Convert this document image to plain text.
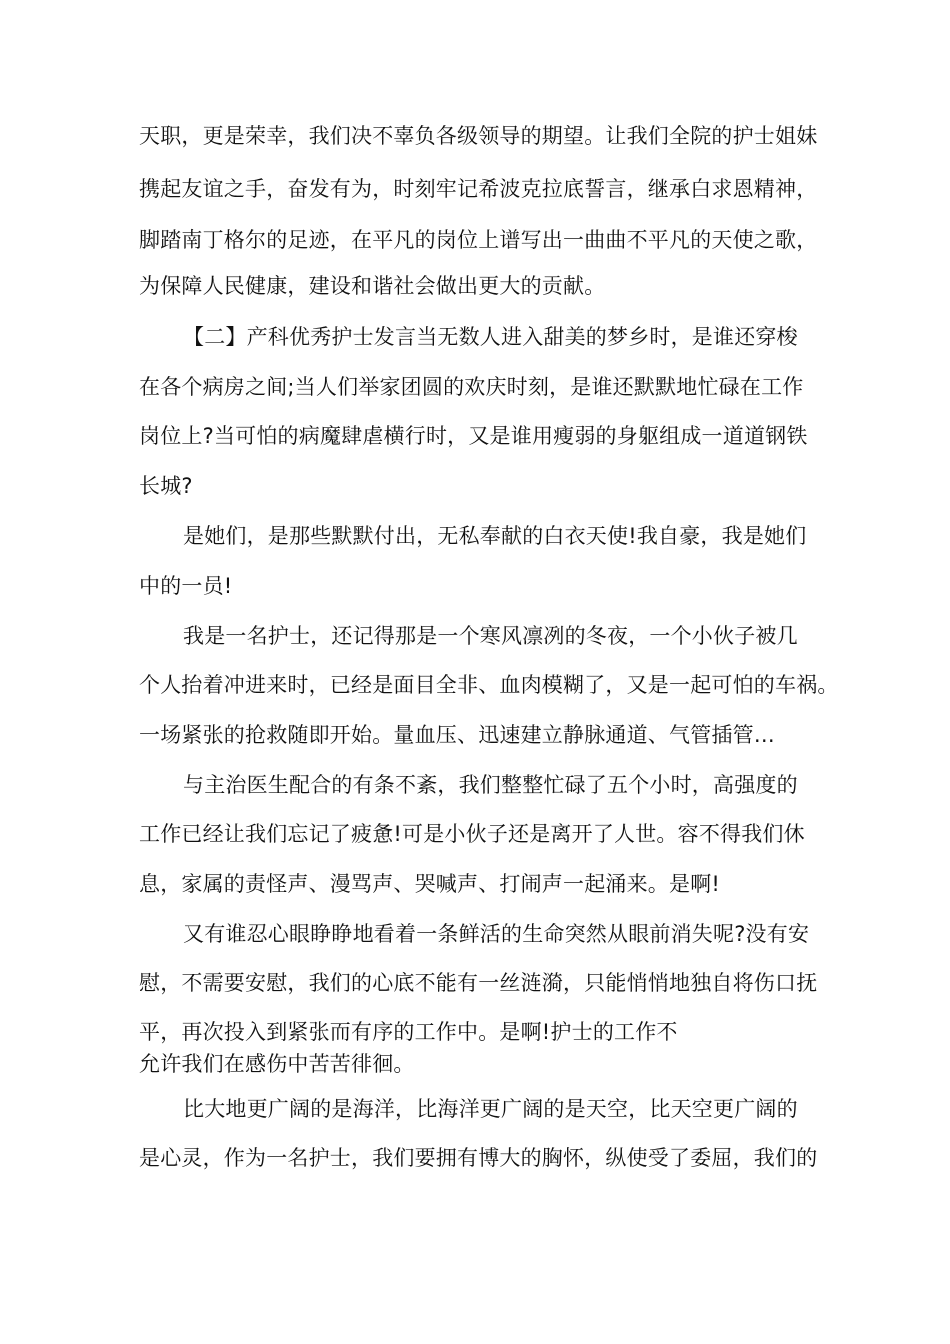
天职，更是荣幸，我们决不辜负各级领导的期望。让我们全院的护士姐妹
携起友谊之手，奋发有为，时刻牢记希波克拉底誓言，继承白求恩精神，
脚踏南丁格尔的足迹，在平凡的岗位上谱写出一曲曲不平凡的天使之歌，
为保障人民健康，建设和谐社会做出更大的贡献。
【二】产科优秀护士发言当无数人进入甜美的梦乡时，是谁还穿梭
在各个病房之间;当人们举家团圆的欢庆时刻，是谁还默默地忙碌在工作
岗位上?当可怕的病魔肆虐横行时，又是谁用瘦弱的身躯组成一道道钢铁
长城?
是她们，是那些默默付出，无私奉献的白衣天使!我自豪，我是她们
中的一员!
我是一名护士，还记得那是一个寒风凛冽的冬夜，一个小伙子被几
个人抬着冲进来时，已经是面目全非、血肉模糊了，又是一起可怕的车祸。
一场紧张的抢救随即开始。量血压、迅速建立静脉通道、气管插管…
与主治医生配合的有条不紊，我们整整忙碌了五个小时，高强度的
工作已经让我们忘记了疲惫!可是小伙子还是离开了人世。容不得我们休
息，家属的责怪声、漫骂声、哭喊声、打闹声一起涌来。是啊!
又有谁忍心眼睁睁地看着一条鲜活的生命突然从眼前消失呢?没有安
慰，不需要安慰，我们的心底不能有一丝涟漪，只能悄悄地独自将伤口抚
平，再次投入到紧张而有序的工作中。是啊!护士的工作不
允许我们在感伤中苦苦徘徊。
比大地更广阔的是海洋，比海洋更广阔的是天空，比天空更广阔的
是心灵，作为一名护士，我们要拥有博大的胸怀，纵使受了委屈，我们的
